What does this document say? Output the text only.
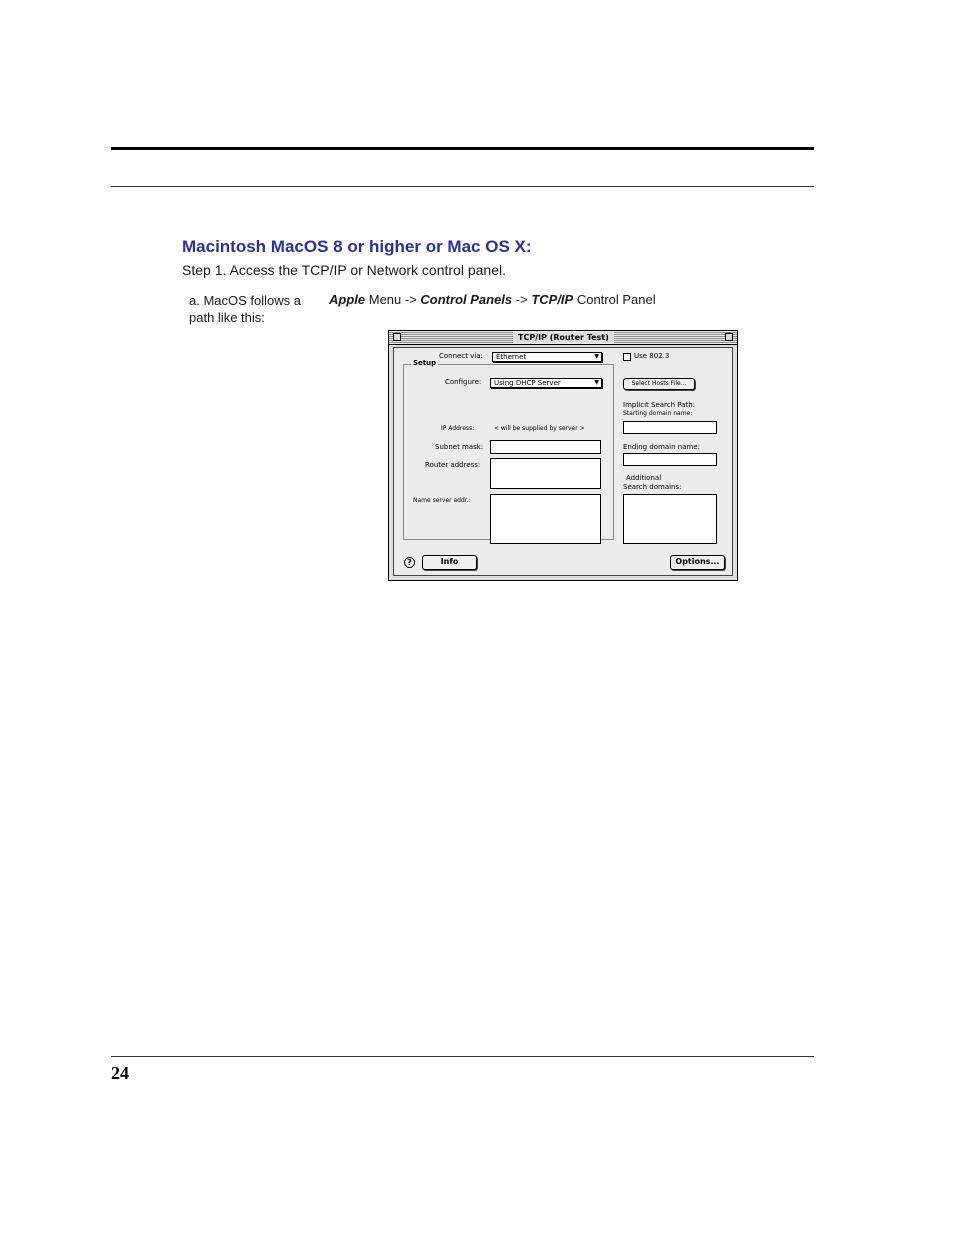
Macintosh MacOS 8 or higher or Mac OS X:

Step 1. Access the TCP/IP or Network control panel.

a. MacOS follows a path like this:

Apple Menu -> Control Panels -> TCP/IP Control Panel

TCP/IP (Router Test)
Connect via:	Ethernet	▼	Use 802.3
Setup
Configure:	Using DHCP Server	▼	Select Hosts File...
Implicit Search Path:
Starting domain name:
IP Address:	< will be supplied by server >
Subnet mask:	Ending domain name:
Router address:
Additional
Search domains:
Name server addr.:
?	Info	Options...
24
